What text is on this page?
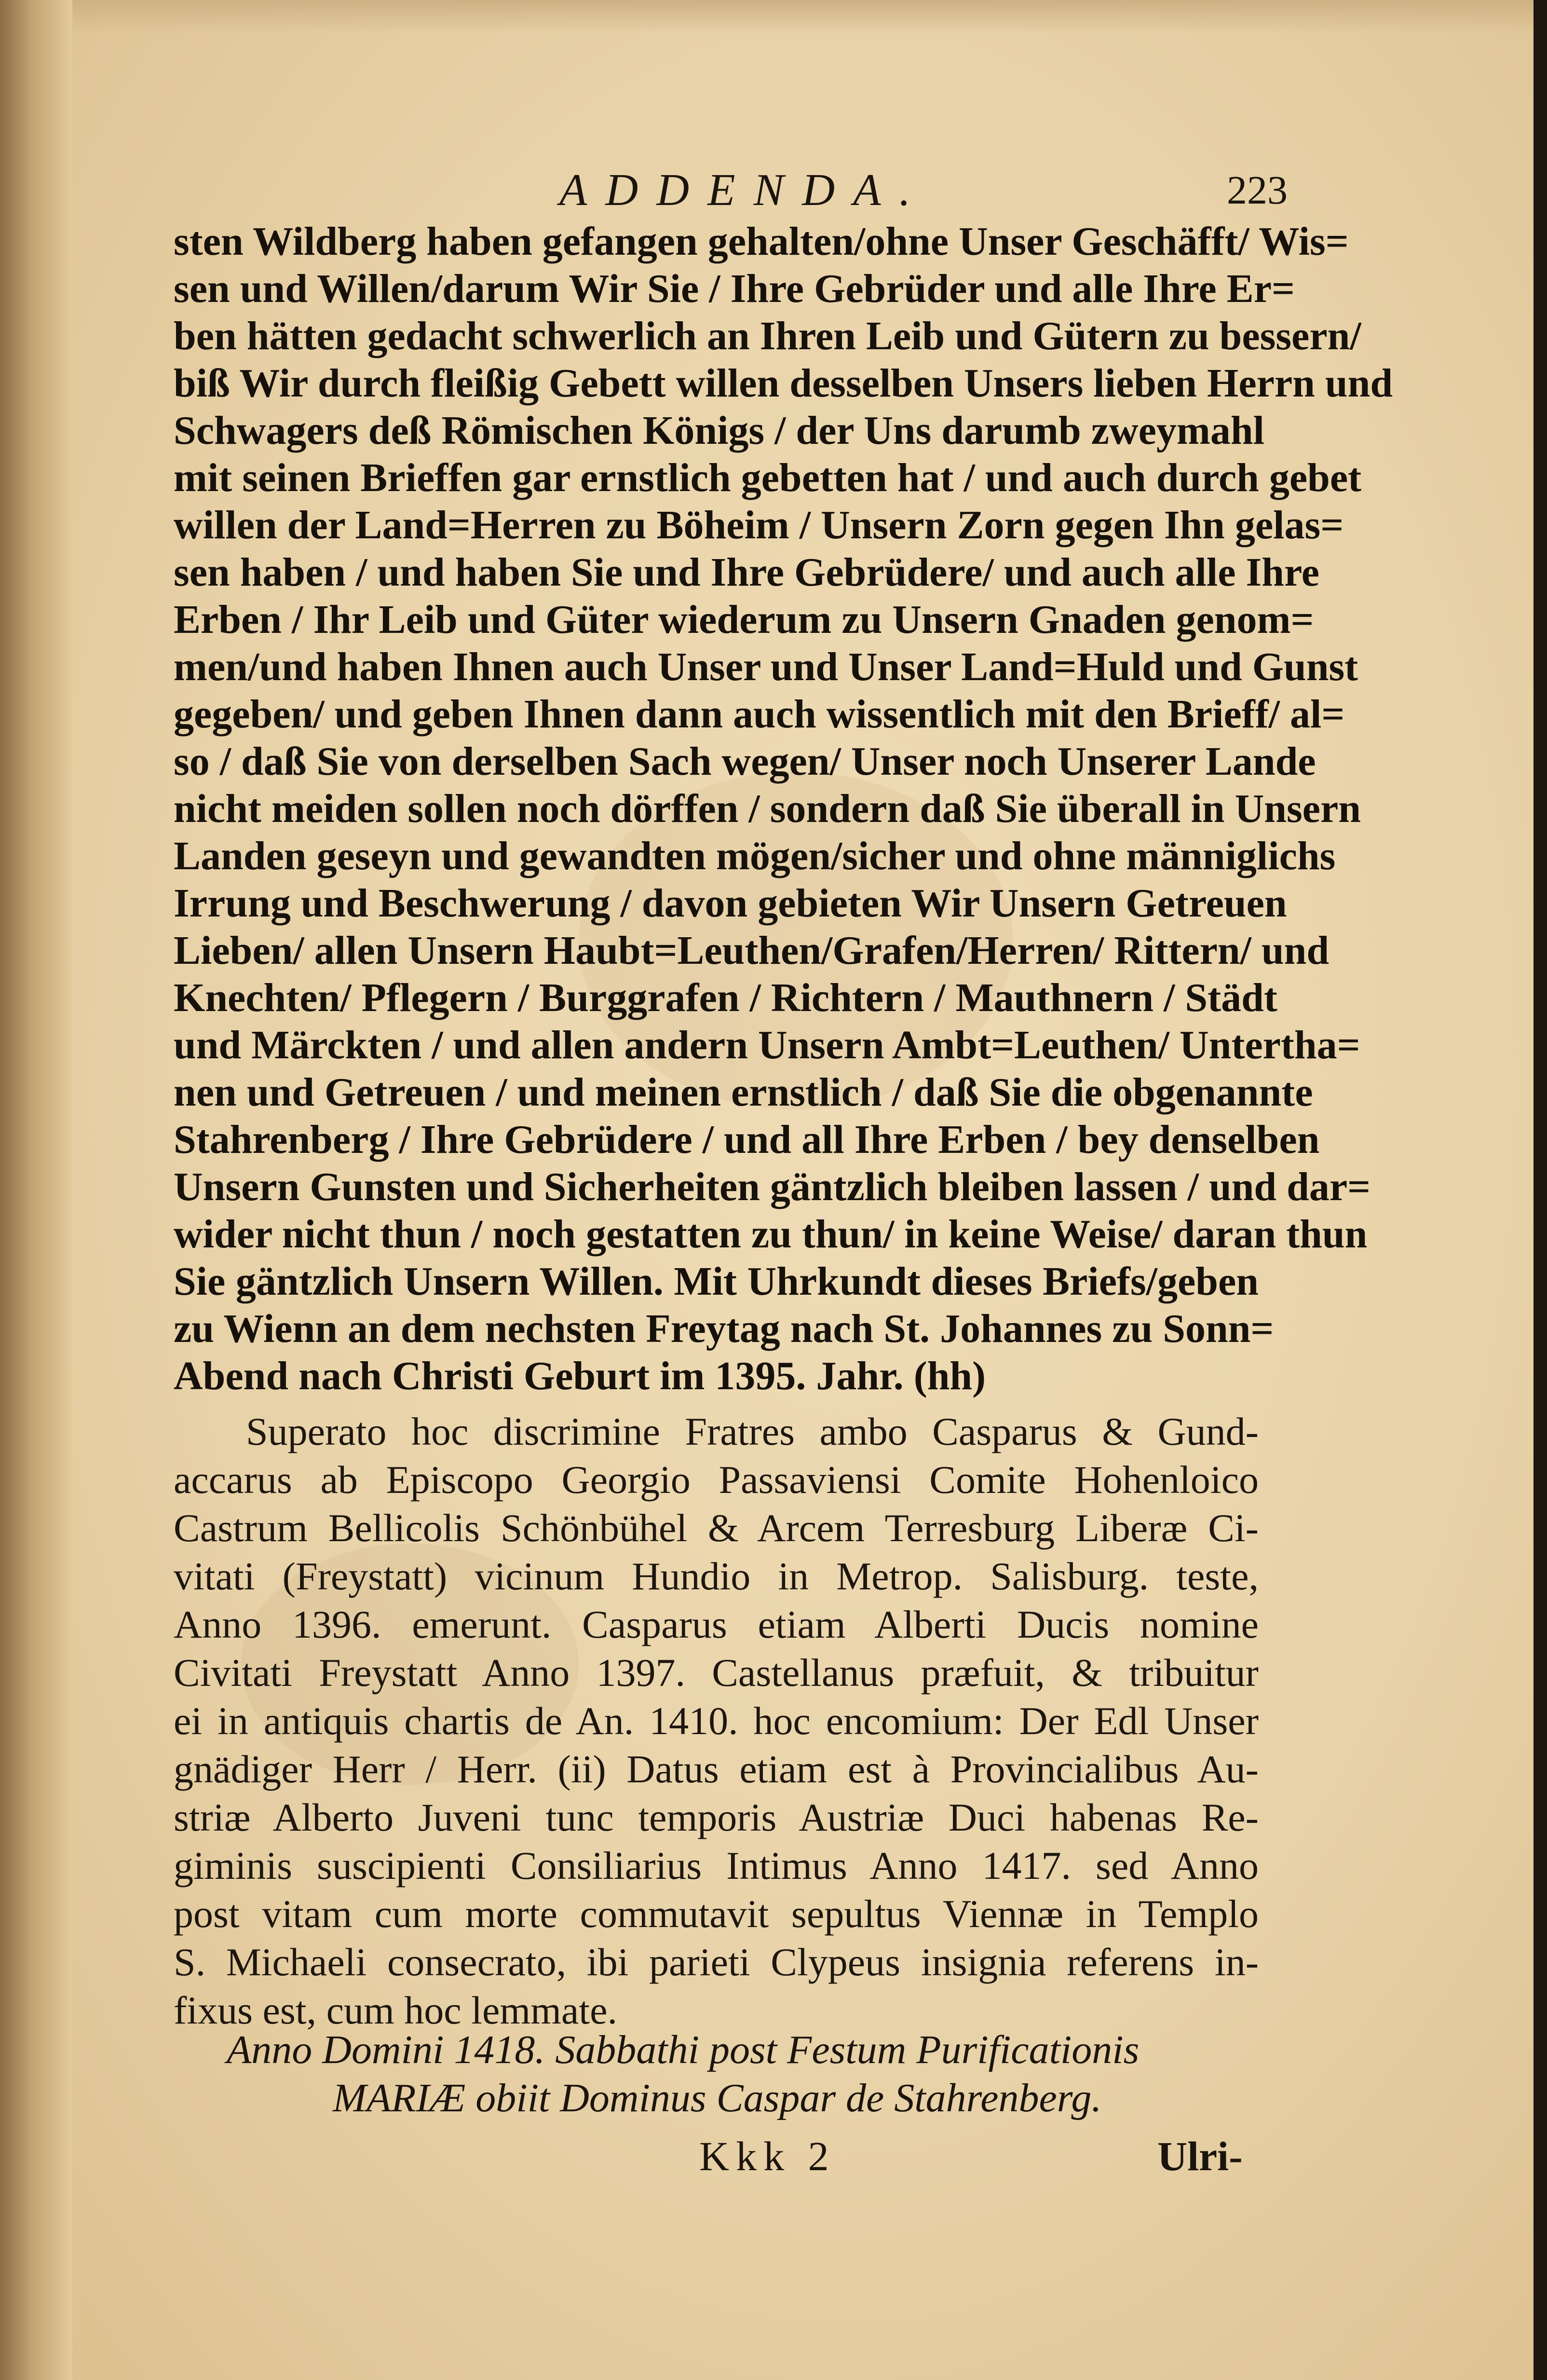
ADDENDA.	223
sten Wildberg haben gefangen gehalten/ohne Unser Geschäfft/ Wis=
sen und Willen/darum Wir Sie / Ihre Gebrüder und alle Ihre Er=
ben hätten gedacht schwerlich an Ihren Leib und Gütern zu bessern/
biß Wir durch fleißig Gebett willen desselben Unsers lieben Herrn und
Schwagers deß Römischen Königs / der Uns darumb zweymahl
mit seinen Brieffen gar ernstlich gebetten hat / und auch durch gebet
willen der Land=Herren zu Böheim / Unsern Zorn gegen Ihn gelas=
sen haben / und haben Sie und Ihre Gebrüdere/ und auch alle Ihre
Erben / Ihr Leib und Güter wiederum zu Unsern Gnaden genom=
men/und haben Ihnen auch Unser und Unser Land=Huld und Gunst
gegeben/ und geben Ihnen dann auch wissentlich mit den Brieff/ al=
so / daß Sie von derselben Sach wegen/ Unser noch Unserer Lande
nicht meiden sollen noch dörffen / sondern daß Sie überall in Unsern
Landen geseyn und gewandten mögen/sicher und ohne männiglichs
Irrung und Beschwerung / davon gebieten Wir Unsern Getreuen
Lieben/ allen Unsern Haubt=Leuthen/Grafen/Herren/ Rittern/ und
Knechten/ Pflegern / Burggrafen / Richtern / Mauthnern / Städt
und Märckten / und allen andern Unsern Ambt=Leuthen/ Untertha=
nen und Getreuen / und meinen ernstlich / daß Sie die obgenannte
Stahrenberg / Ihre Gebrüdere / und all Ihre Erben / bey denselben
Unsern Gunsten und Sicherheiten gäntzlich bleiben lassen / und dar=
wider nicht thun / noch gestatten zu thun/ in keine Weise/ daran thun
Sie gäntzlich Unsern Willen. Mit Uhrkundt dieses Briefs/geben
zu Wienn an dem nechsten Freytag nach St. Johannes zu Sonn=
Abend nach Christi Geburt im 1395. Jahr. (hh)
Superato hoc discrimine Fratres ambo Casparus & Gund-
accarus ab Episcopo Georgio Passaviensi Comite Hohenloico
Castrum Bellicolis Schönbühel & Arcem Terresburg Liberæ Ci-
vitati (Freystatt) vicinum Hundio in Metrop. Salisburg. teste,
Anno 1396. emerunt. Casparus etiam Alberti Ducis nomine
Civitati Freystatt Anno 1397. Castellanus præfuit, & tribuitur
ei in antiquis chartis de An. 1410. hoc encomium: Der Edl Unser
gnädiger Herr / Herr. (ii) Datus etiam est à Provincialibus Au-
striæ Alberto Juveni tunc temporis Austriæ Duci habenas Re-
giminis suscipienti Consiliarius Intimus Anno 1417. sed Anno
post vitam cum morte commutavit sepultus Viennæ in Templo
S. Michaeli consecrato, ibi parieti Clypeus insignia referens in-
fixus est, cum hoc lemmate.
Anno Domini 1418. Sabbathi post Festum Purificationis
MARIÆ obiit Dominus Caspar de Stahrenberg.
Kkk 2	Ulri-
